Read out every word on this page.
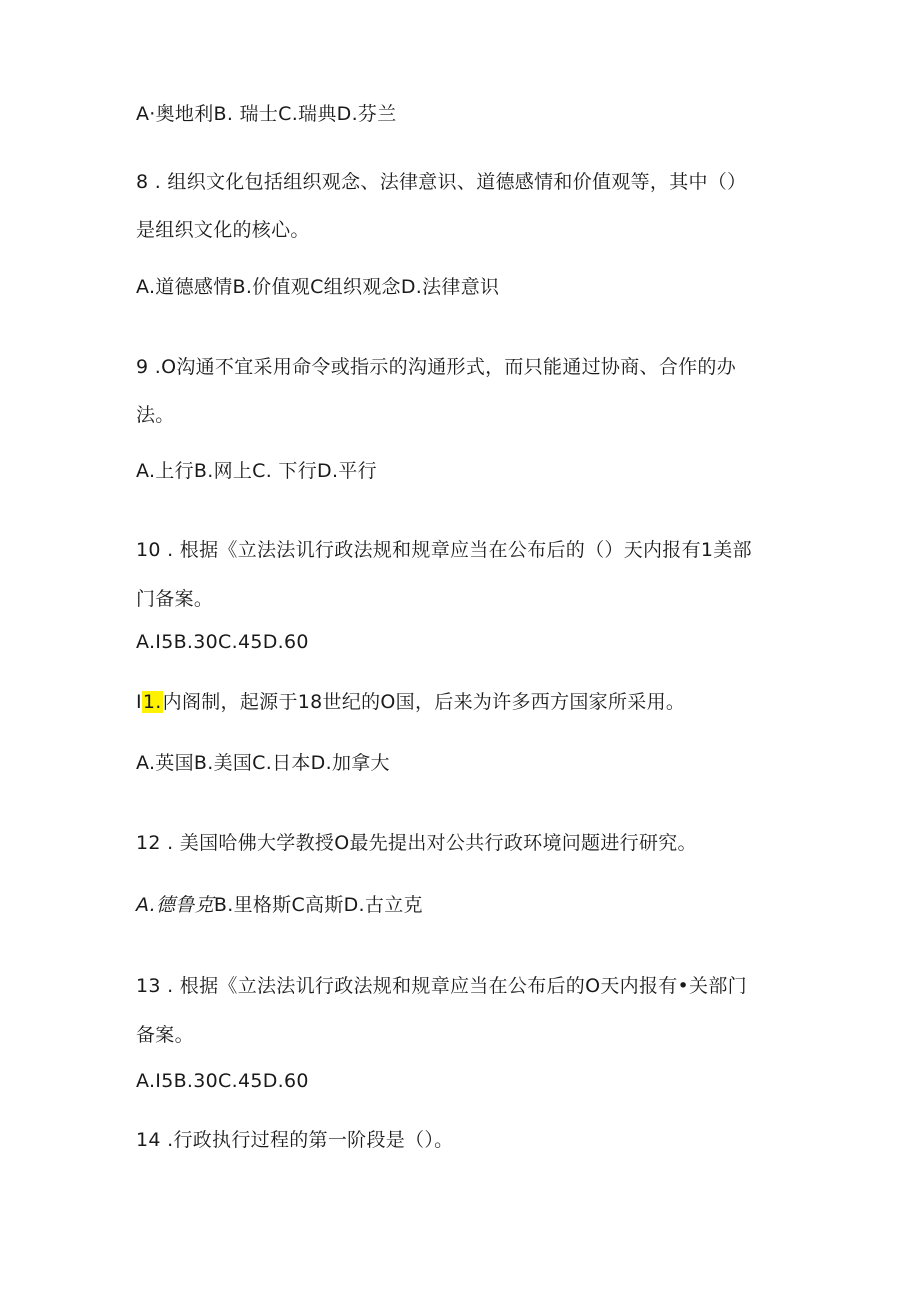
A·奥地利B. 瑞士C.瑞典D.芬兰
8 . 组织文化包括组织观念、法律意识、道德感情和价值观等，其中（）
是组织文化的核心。
A.道德感情B.价值观C组织观念D.法律意识
9 .O沟通不宜采用命令或指示的沟通形式，而只能通过协商、合作的办
法。
A.上行B.网上C. 下行D.平行
10 . 根据《立法法讥行政法规和规章应当在公布后的（）天内报有1美部
门备案。
A.I5B.30C.45D.60
I1.内阁制，起源于18世纪的O国，后来为许多西方国家所采用。
A.英国B.美国C.日本D.加拿大
12 . 美国哈佛大学教授O最先提出对公共行政环境问题进行研究。
A.德鲁克B.里格斯C高斯D.古立克
13 . 根据《立法法讥行政法规和规章应当在公布后的O天内报有•关部门
备案。
A.I5B.30C.45D.60
14 .行政执行过程的第一阶段是（）。
